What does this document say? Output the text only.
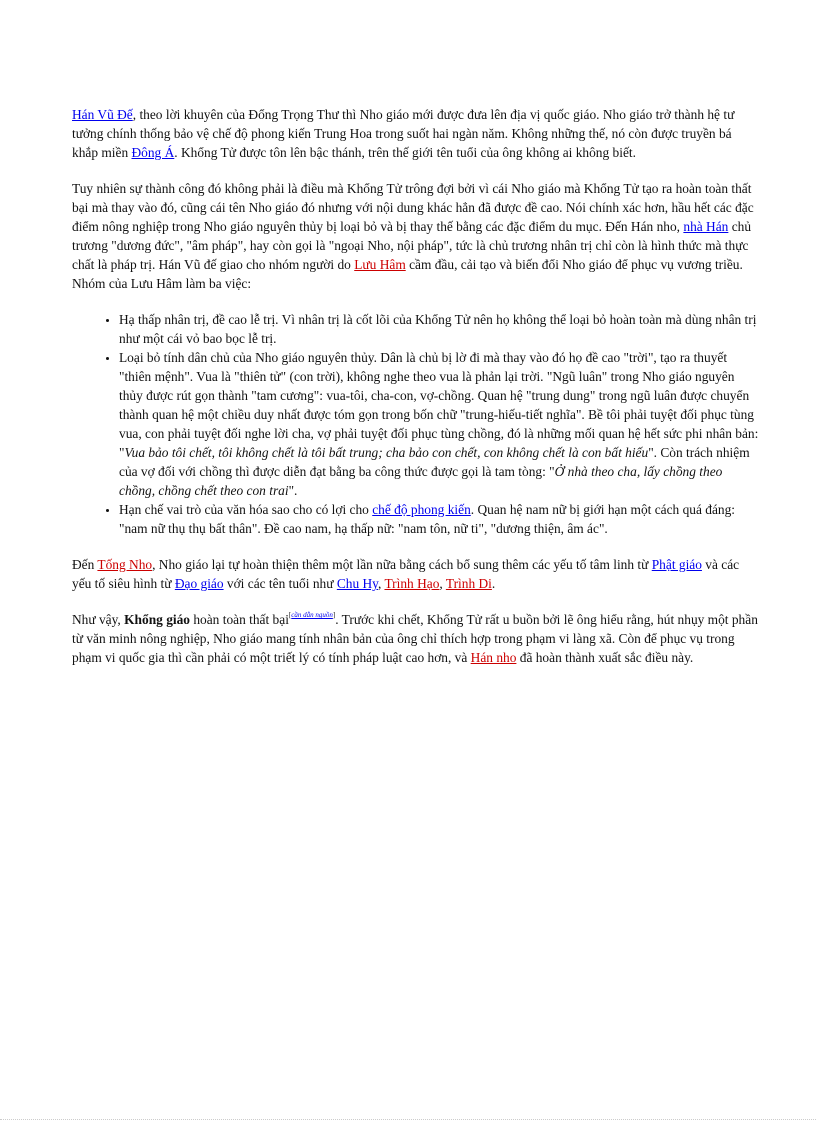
Hán Vũ Đế, theo lời khuyên của Đổng Trọng Thư thì Nho giáo mới được đưa lên địa vị quốc giáo. Nho giáo trở thành hệ tư tưởng chính thống bảo vệ chế độ phong kiến Trung Hoa trong suốt hai ngàn năm. Không những thế, nó còn được truyền bá khắp miền Đông Á. Khổng Tử được tôn lên bậc thánh, trên thế giới tên tuổi của ông không ai không biết.

Tuy nhiên sự thành công đó không phải là điều mà Khổng Tử trông đợi bởi vì cái Nho giáo mà Khổng Tử tạo ra hoàn toàn thất bại mà thay vào đó, cũng cái tên Nho giáo đó nhưng với nội dung khác hẳn đã được đề cao. Nói chính xác hơn, hầu hết các đặc điểm nông nghiệp trong Nho giáo nguyên thủy bị loại bỏ và bị thay thế bằng các đặc điểm du mục. Đến Hán nho, nhà Hán chủ trương "dương đức", "âm pháp", hay còn gọi là "ngoại Nho, nội pháp", tức là chủ trương nhân trị chỉ còn là hình thức mà thực chất là pháp trị. Hán Vũ đế giao cho nhóm người do Lưu Hâm cầm đầu, cải tạo và biến đổi Nho giáo để phục vụ vương triều. Nhóm của Lưu Hâm làm ba việc:

• Hạ thấp nhân trị, đề cao lễ trị. Vì nhân trị là cốt lõi của Khổng Tử nên họ không thể loại bỏ hoàn toàn mà dùng nhân trị như một cái vỏ bao bọc lễ trị.
• Loại bỏ tính dân chủ của Nho giáo nguyên thủy. Dân là chủ bị lờ đi mà thay vào đó họ đề cao "trời", tạo ra thuyết "thiên mệnh". Vua là "thiên tử" (con trời), không nghe theo vua là phản lại trời. "Ngũ luân" trong Nho giáo nguyên thủy được rút gọn thành "tam cương": vua-tôi, cha-con, vợ-chồng. Quan hệ "trung dung" trong ngũ luân được chuyển thành quan hệ một chiều duy nhất được tóm gọn trong bốn chữ "trung-hiếu-tiết nghĩa". Bề tôi phải tuyệt đối phục tùng vua, con phải tuyệt đối nghe lời cha, vợ phải tuyệt đối phục tùng chồng, đó là những mối quan hệ hết sức phi nhân bản: "Vua bảo tôi chết, tôi không chết là tôi bất trung; cha bảo con chết, con không chết là con bất hiếu". Còn trách nhiệm của vợ đối với chồng thì được diễn đạt bằng ba công thức được gọi là tam tòng: "Ở nhà theo cha, lấy chồng theo chồng, chồng chết theo con trai".
• Hạn chế vai trò của văn hóa sao cho có lợi cho chế độ phong kiến. Quan hệ nam nữ bị giới hạn một cách quá đáng: "nam nữ thụ thụ bất thân". Đề cao nam, hạ thấp nữ: "nam tôn, nữ ti", "dương thiện, âm ác".

Đến Tống Nho, Nho giáo lại tự hoàn thiện thêm một lần nữa bằng cách bổ sung thêm các yếu tố tâm linh từ Phật giáo và các yếu tố siêu hình từ Đạo giáo với các tên tuổi như Chu Hy, Trình Hạo, Trình Di.

Như vậy, Khổng giáo hoàn toàn thất bại[cần dẫn nguồn]. Trước khi chết, Khổng Tử rất u buồn bởi lẽ ông hiểu rằng, hút nhụy một phần từ văn minh nông nghiệp, Nho giáo mang tính nhân bản của ông chỉ thích hợp trong phạm vi làng xã. Còn để phục vụ trong phạm vi quốc gia thì cần phải có một triết lý có tính pháp luật cao hơn, và Hán nho đã hoàn thành xuất sắc điều này.
